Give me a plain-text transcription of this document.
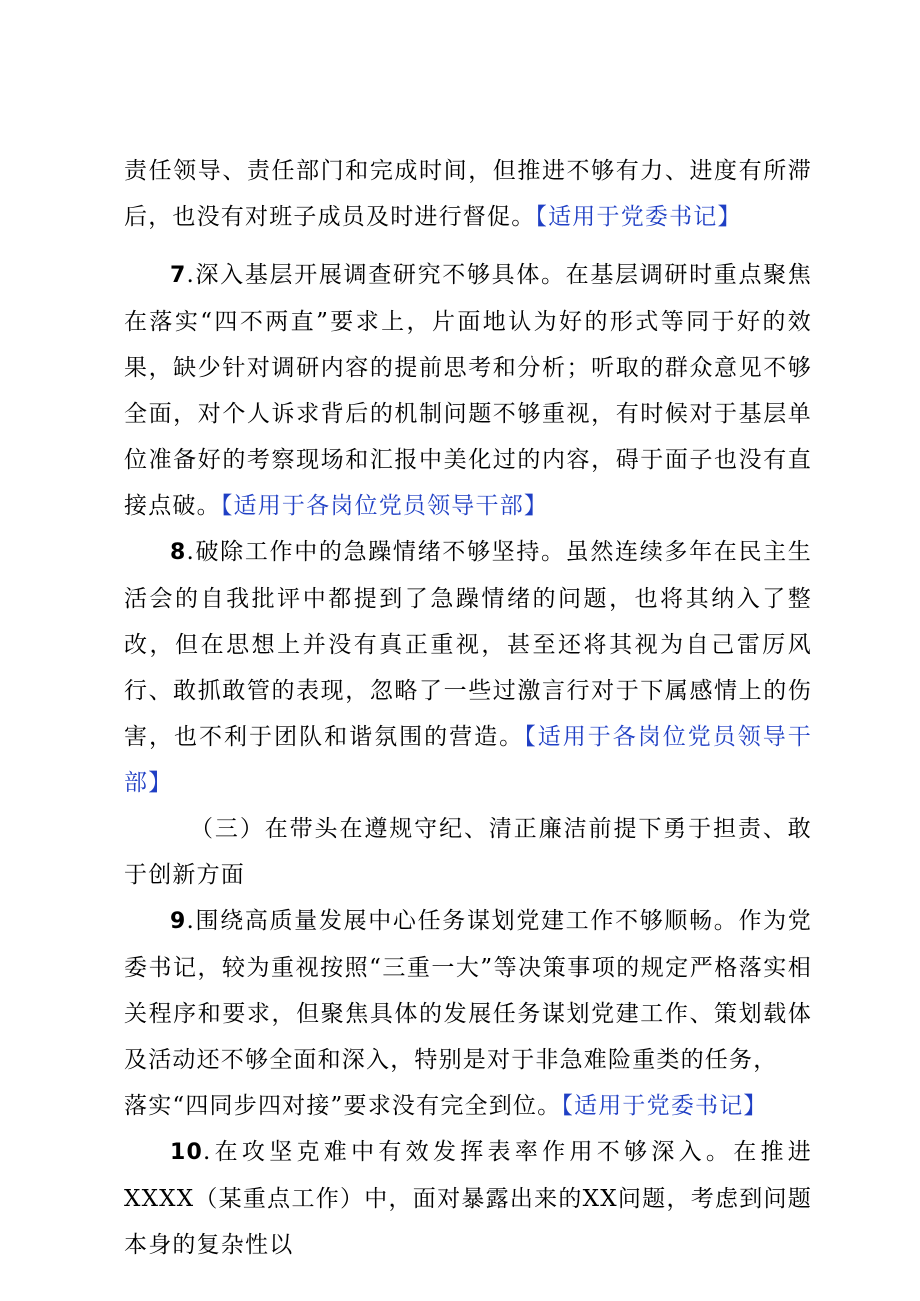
责任领导、责任部门和完成时间，但推进不够有力、进度有所滞后，也没有对班子成员及时进行督促。【适用于党委书记】

7.深入基层开展调查研究不够具体。在基层调研时重点聚焦在落实“四不两直”要求上，片面地认为好的形式等同于好的效果，缺少针对调研内容的提前思考和分析；听取的群众意见不够全面，对个人诉求背后的机制问题不够重视，有时候对于基层单位准备好的考察现场和汇报中美化过的内容，碍于面子也没有直接点破。【适用于各岗位党员领导干部】

8.破除工作中的急躁情绪不够坚持。虽然连续多年在民主生活会的自我批评中都提到了急躁情绪的问题，也将其纳入了整改，但在思想上并没有真正重视，甚至还将其视为自己雷厉风行、敢抓敢管的表现，忽略了一些过激言行对于下属感情上的伤害，也不利于团队和谐氛围的营造。【适用于各岗位党员领导干部】

（三）在带头在遵规守纪、清正廉洁前提下勇于担责、敢于创新方面

9.围绕高质量发展中心任务谋划党建工作不够顺畅。作为党委书记，较为重视按照“三重一大”等决策事项的规定严格落实相关程序和要求，但聚焦具体的发展任务谋划党建工作、策划载体及活动还不够全面和深入，特别是对于非急难险重类的任务，

落实“四同步四对接”要求没有完全到位。【适用于党委书记】

10.在攻坚克难中有效发挥表率作用不够深入。在推进XXXX（某重点工作）中，面对暴露出来的XX问题，考虑到问题本身的复杂性以
